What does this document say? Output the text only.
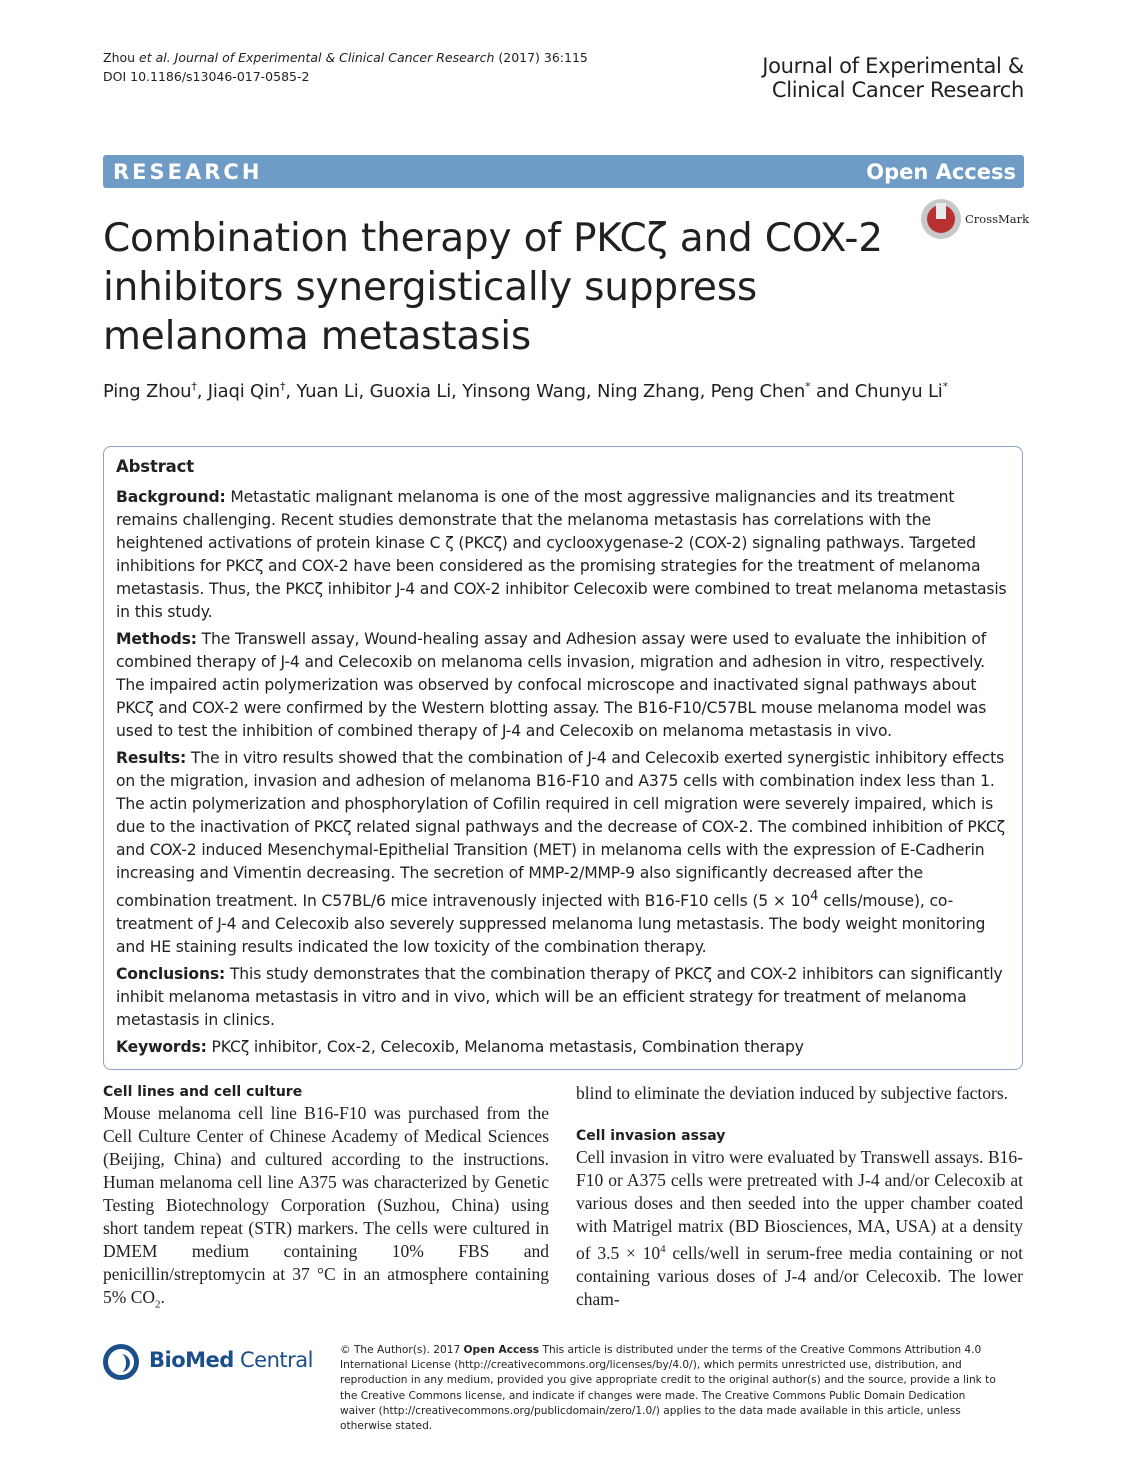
Zhou et al. Journal of Experimental & Clinical Cancer Research (2017) 36:115
DOI 10.1186/s13046-017-0585-2	Journal of Experimental &
Clinical Cancer Research
RESEARCH	Open Access
Combination therapy of PKCζ and COX-2
inhibitors synergistically suppress
melanoma metastasis
CrossMark
Ping Zhou†, Jiaqi Qin†, Yuan Li, Guoxia Li, Yinsong Wang, Ning Zhang, Peng Chen* and Chunyu Li*
Abstract

Background: Metastatic malignant melanoma is one of the most aggressive malignancies and its treatment remains challenging. Recent studies demonstrate that the melanoma metastasis has correlations with the heightened activations of protein kinase C ζ (PKCζ) and cyclooxygenase-2 (COX-2) signaling pathways. Targeted inhibitions for PKCζ and COX-2 have been considered as the promising strategies for the treatment of melanoma metastasis. Thus, the PKCζ inhibitor J-4 and COX-2 inhibitor Celecoxib were combined to treat melanoma metastasis in this study.

Methods: The Transwell assay, Wound-healing assay and Adhesion assay were used to evaluate the inhibition of combined therapy of J-4 and Celecoxib on melanoma cells invasion, migration and adhesion in vitro, respectively. The impaired actin polymerization was observed by confocal microscope and inactivated signal pathways about PKCζ and COX-2 were confirmed by the Western blotting assay. The B16-F10/C57BL mouse melanoma model was used to test the inhibition of combined therapy of J-4 and Celecoxib on melanoma metastasis in vivo.

Results: The in vitro results showed that the combination of J-4 and Celecoxib exerted synergistic inhibitory effects on the migration, invasion and adhesion of melanoma B16-F10 and A375 cells with combination index less than 1. The actin polymerization and phosphorylation of Cofilin required in cell migration were severely impaired, which is due to the inactivation of PKCζ related signal pathways and the decrease of COX-2. The combined inhibition of PKCζ and COX-2 induced Mesenchymal-Epithelial Transition (MET) in melanoma cells with the expression of E-Cadherin increasing and Vimentin decreasing. The secretion of MMP-2/MMP-9 also significantly decreased after the combination treatment. In C57BL/6 mice intravenously injected with B16-F10 cells ($5 \times 10^4$ cells/mouse), co-treatment of J-4 and Celecoxib also severely suppressed melanoma lung metastasis. The body weight monitoring and HE staining results indicated the low toxicity of the combination therapy.

Conclusions: This study demonstrates that the combination therapy of PKCζ and COX-2 inhibitors can significantly inhibit melanoma metastasis in vitro and in vivo, which will be an efficient strategy for treatment of melanoma metastasis in clinics.

Keywords: PKCζ inhibitor, Cox-2, Celecoxib, Melanoma metastasis, Combination therapy

Cell lines and cell culture
Mouse melanoma cell line B16-F10 was purchased from the Cell Culture Center of Chinese Academy of Medical Sciences (Beijing, China) and cultured according to the instructions. Human melanoma cell line A375 was characterized by Genetic Testing Biotechnology Corporation (Suzhou, China) using short tandem repeat (STR) markers. The cells were cultured in DMEM medium containing 10% FBS and penicillin/streptomycin at 37 °C in an atmosphere containing 5% $CO_2$.
blind to eliminate the deviation induced by subjective factors.
Cell invasion assay
Cell invasion in vitro were evaluated by Transwell assays. B16-F10 or A375 cells were pretreated with J-4 and/or Celecoxib at various doses and then seeded into the upper chamber coated with Matrigel matrix (BD Biosciences, MA, USA) at a density of $3.5 \times 10^4$ cells/well in serum-free media containing or not containing various doses of J-4 and/or Celecoxib. The lower cham-
BioMed Central	© The Author(s). 2017 Open Access This article is distributed under the terms of the Creative Commons Attribution 4.0 International License (http://creativecommons.org/licenses/by/4.0/), which permits unrestricted use, distribution, and reproduction in any medium, provided you give appropriate credit to the original author(s) and the source, provide a link to the Creative Commons license, and indicate if changes were made. The Creative Commons Public Domain Dedication waiver (http://creativecommons.org/publicdomain/zero/1.0/) applies to the data made available in this article, unless otherwise stated.
